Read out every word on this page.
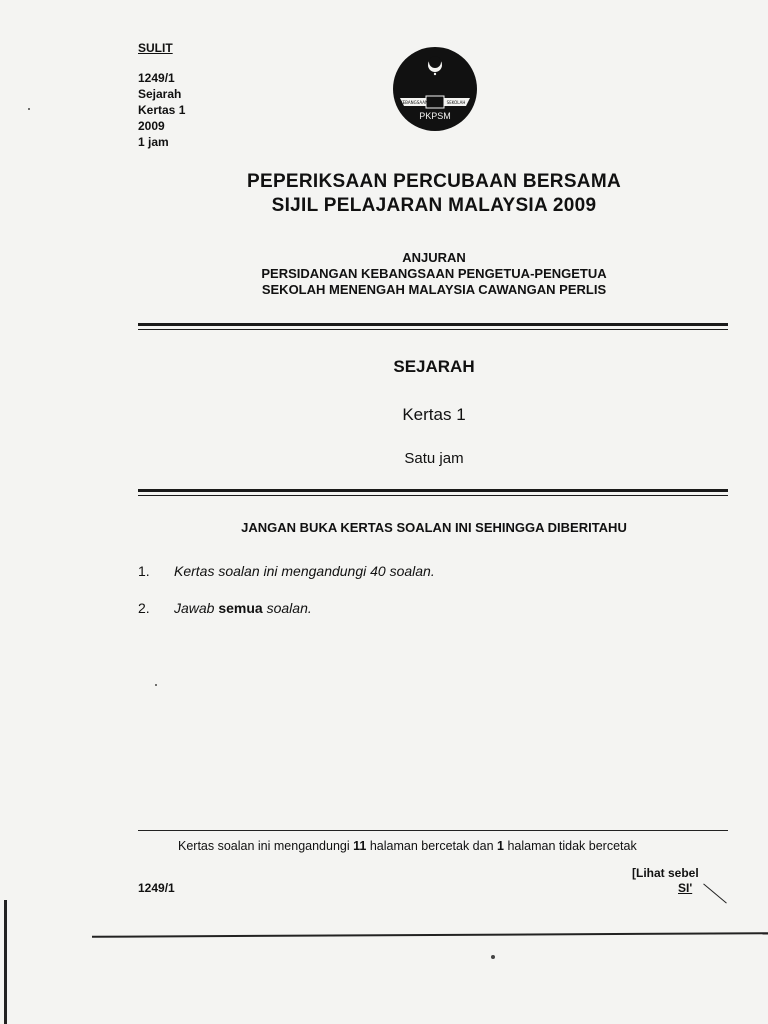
SULIT
1249/1
Sejarah
Kertas 1
2009
1 jam
KEBANGSAAN	SEKOLAH
PKPSM
PEPERIKSAAN PERCUBAAN BERSAMA
SIJIL PELAJARAN MALAYSIA 2009
ANJURAN
PERSIDANGAN KEBANGSAAN PENGETUA-PENGETUA
SEKOLAH MENENGAH MALAYSIA CAWANGAN PERLIS
SEJARAH
Kertas 1
Satu jam
JANGAN BUKA KERTAS SOALAN INI SEHINGGA DIBERITAHU
1. Kertas soalan ini mengandungi 40 soalan.
2. Jawab semua soalan.
Kertas soalan ini mengandungi 11 halaman bercetak dan 1 halaman tidak bercetak
[Lihat sebel
1249/1	SI'
